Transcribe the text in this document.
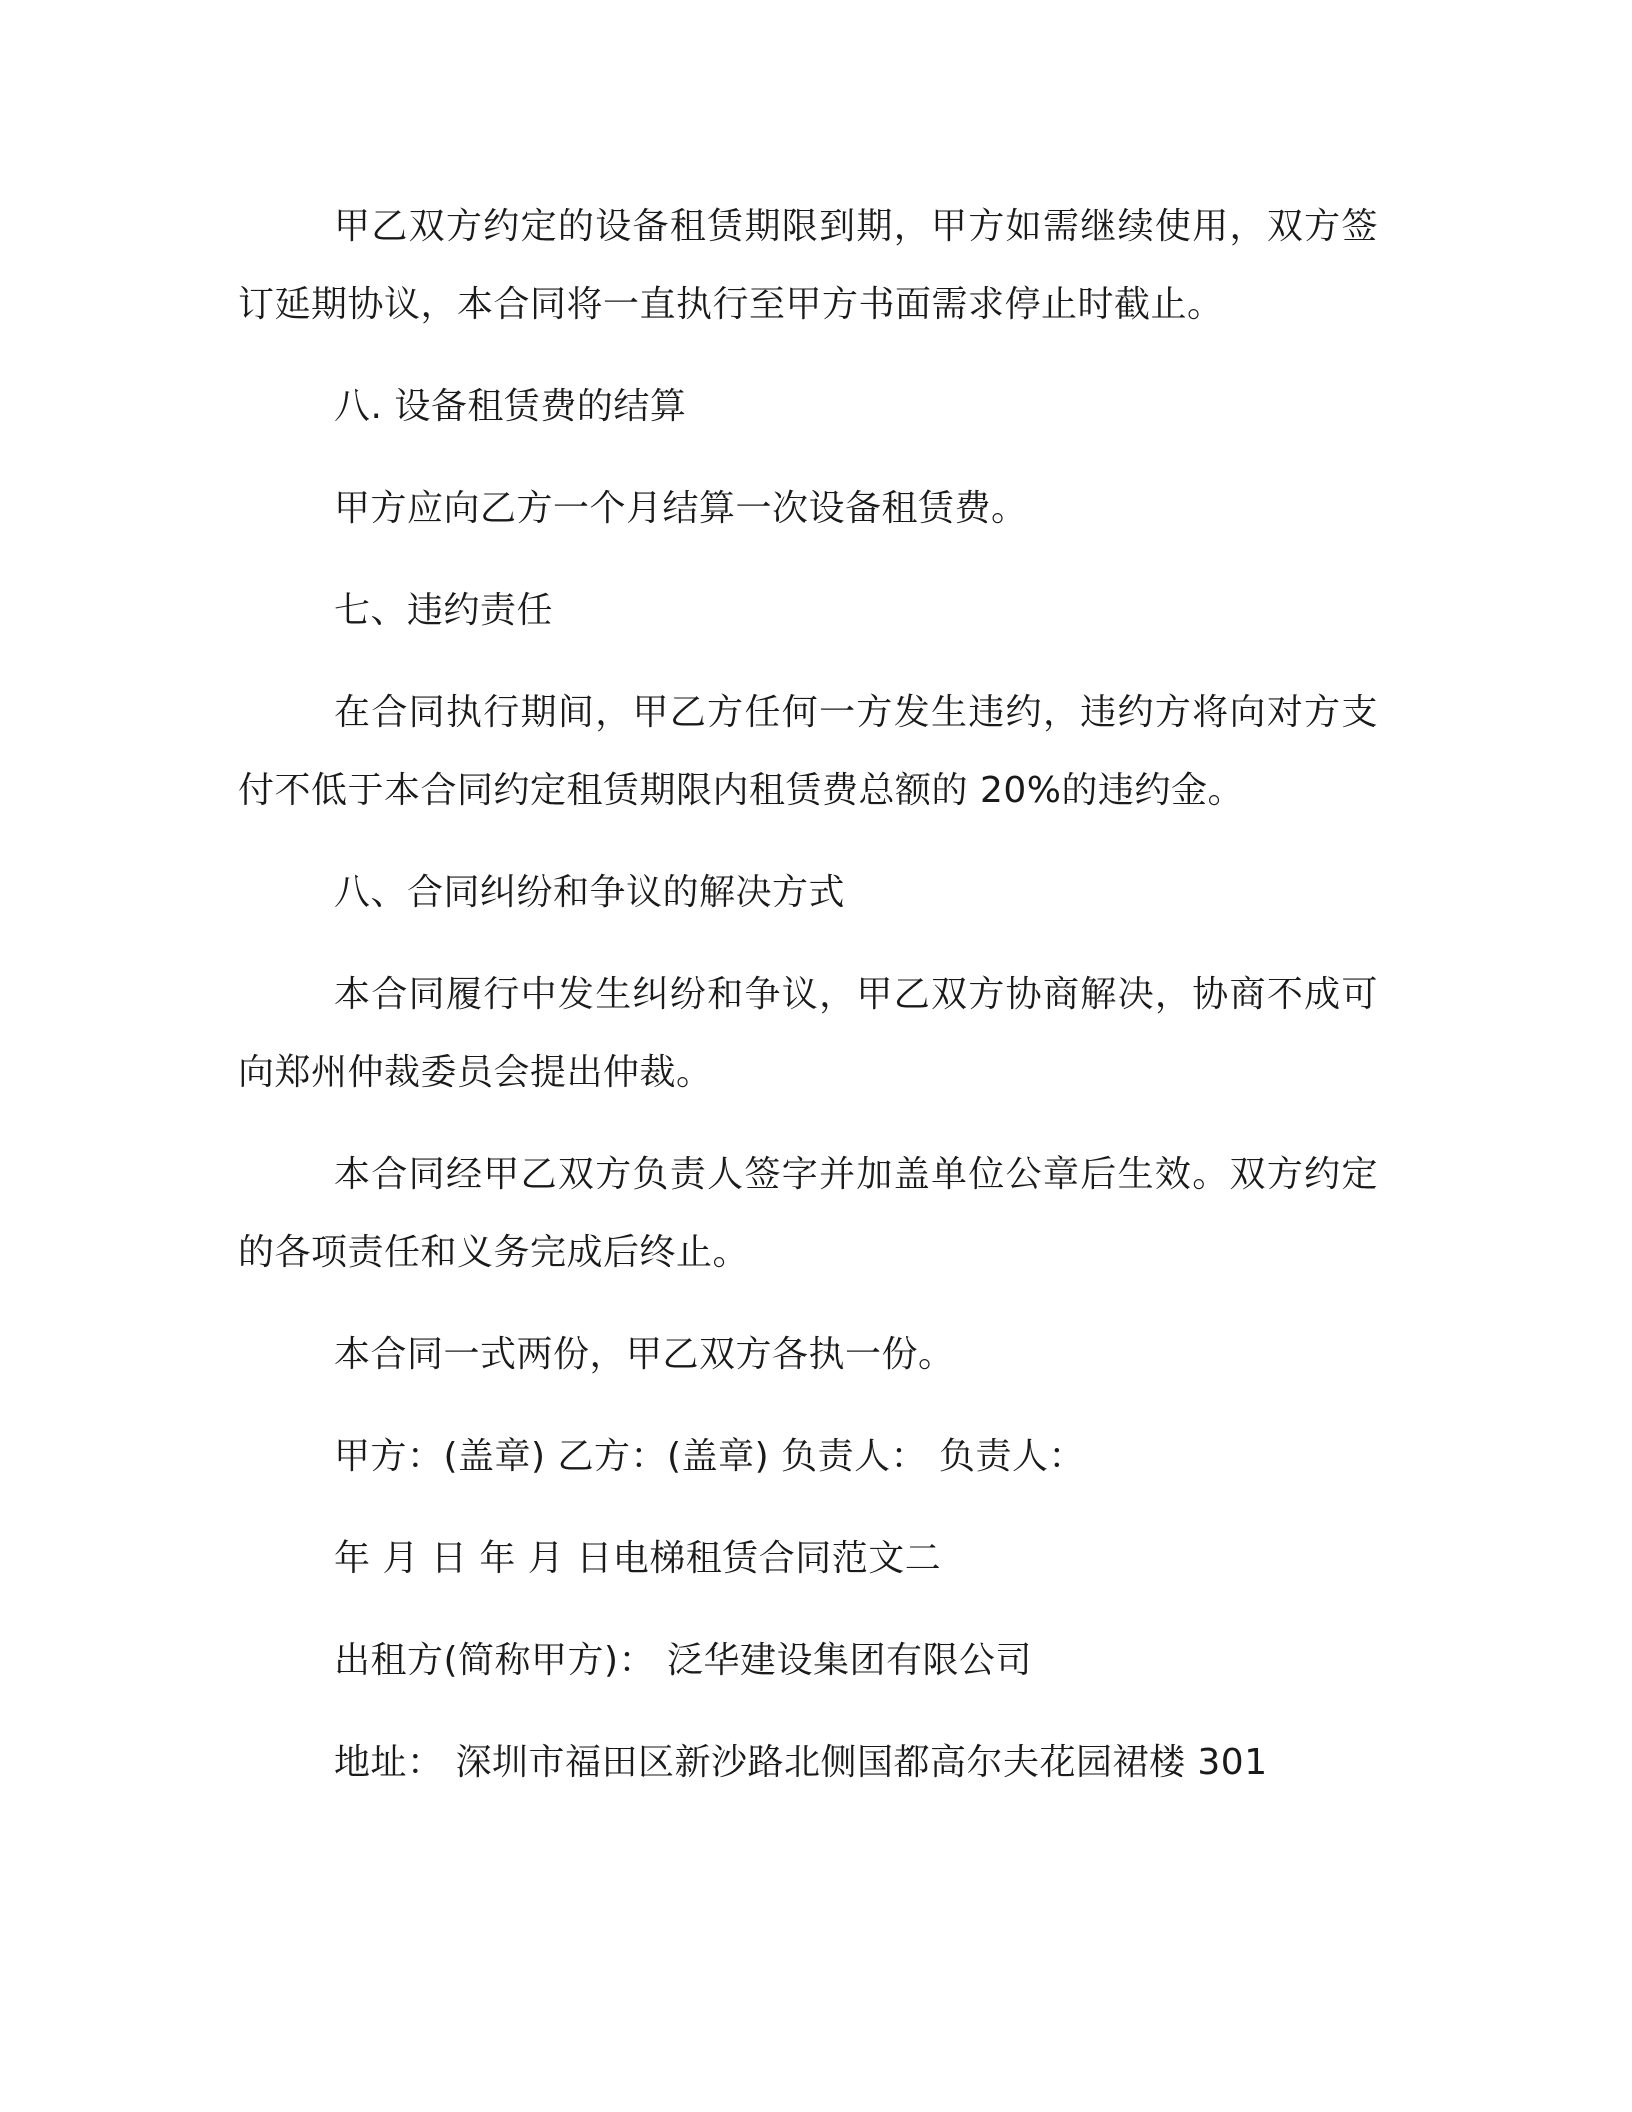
甲乙双方约定的设备租赁期限到期，甲方如需继续使用，双方签订延期协议，本合同将一直执行至甲方书面需求停止时截止。

八. 设备租赁费的结算

甲方应向乙方一个月结算一次设备租赁费。

七、违约责任

在合同执行期间，甲乙方任何一方发生违约，违约方将向对方支付不低于本合同约定租赁期限内租赁费总额的 20%的违约金。

八、合同纠纷和争议的解决方式

本合同履行中发生纠纷和争议，甲乙双方协商解决，协商不成可向郑州仲裁委员会提出仲裁。

本合同经甲乙双方负责人签字并加盖单位公章后生效。双方约定的各项责任和义务完成后终止。

本合同一式两份，甲乙双方各执一份。

甲方：(盖章) 乙方：(盖章) 负责人： 负责人：

年 月 日 年 月 日电梯租赁合同范文二

出租方(简称甲方)： 泛华建设集团有限公司

地址： 深圳市福田区新沙路北侧国都高尔夫花园裙楼 301
